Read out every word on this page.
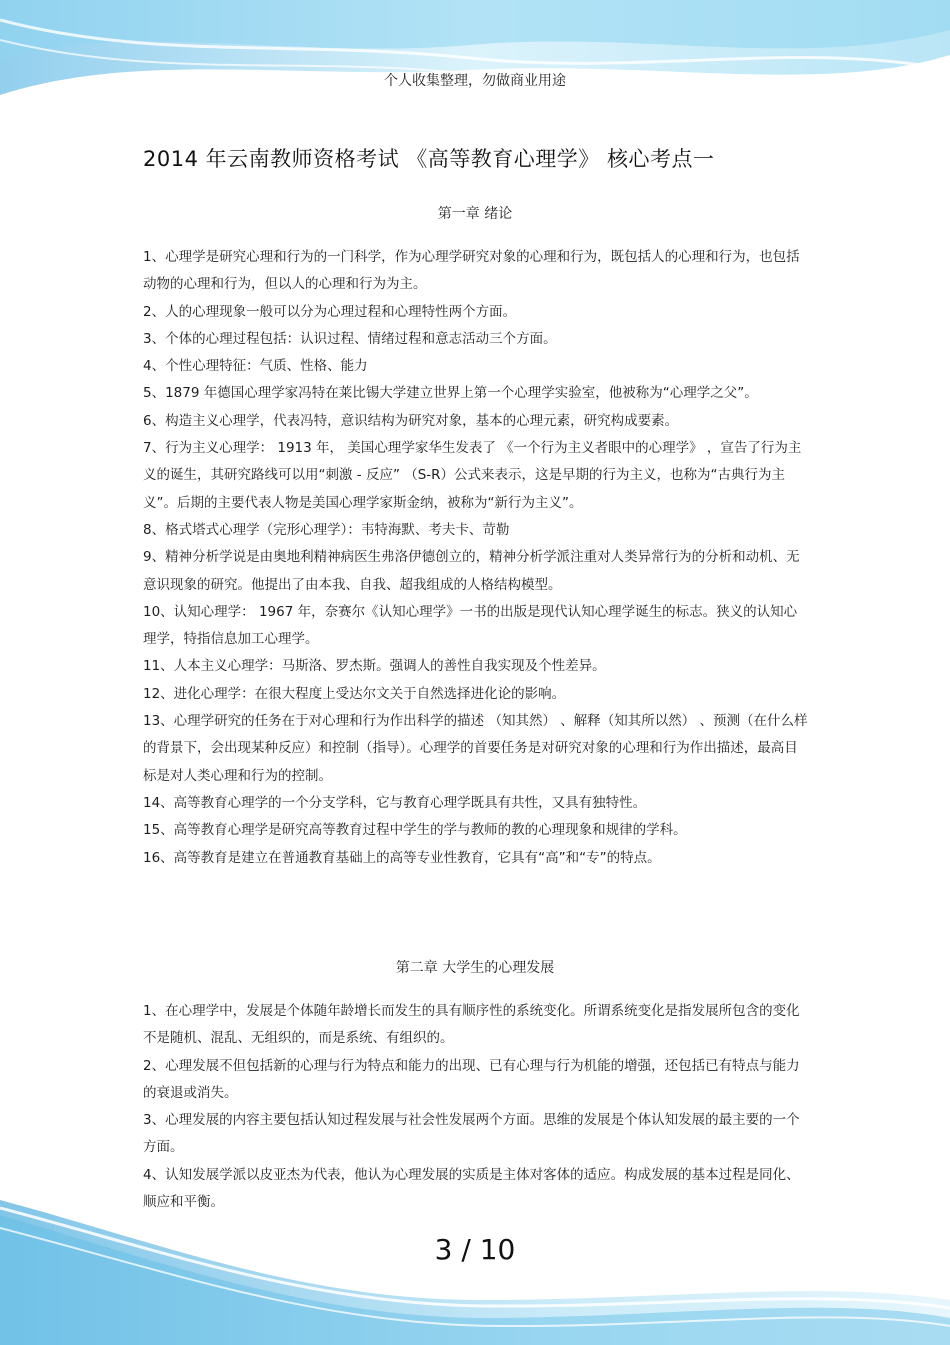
个人收集整理，勿做商业用途
2014 年云南教师资格考试 《高等教育心理学》 核心考点一
第一章 绪论

1、心理学是研究心理和行为的一门科学，作为心理学研究对象的心理和行为，既包括人的心理和行为，也包括动物的心理和行为，但以人的心理和行为为主。

2、人的心理现象一般可以分为心理过程和心理特性两个方面。

3、个体的心理过程包括：认识过程、情绪过程和意志活动三个方面。

4、个性心理特征：气质、性格、能力

5、1879 年德国心理学家冯特在莱比锡大学建立世界上第一个心理学实验室，他被称为“心理学之父”。

6、构造主义心理学，代表冯特，意识结构为研究对象，基本的心理元素，研究构成要素。

7、行为主义心理学： 1913 年， 美国心理学家华生发表了 《一个行为主义者眼中的心理学》 ，宣告了行为主义的诞生，其研究路线可以用“刺激 - 反应” （S-R）公式来表示，这是早期的行为主义，也称为“古典行为主义”。后期的主要代表人物是美国心理学家斯金纳，被称为“新行为主义”。

8、格式塔式心理学（完形心理学）：韦特海默、考夫卡、苛勒

9、精神分析学说是由奥地利精神病医生弗洛伊德创立的，精神分析学派注重对人类异常行为的分析和动机、无意识现象的研究。他提出了由本我、自我、超我组成的人格结构模型。

10、认知心理学： 1967 年，奈赛尔《认知心理学》一书的出版是现代认知心理学诞生的标志。狭义的认知心理学，特指信息加工心理学。

11、人本主义心理学：马斯洛、罗杰斯。强调人的善性自我实现及个性差异。

12、进化心理学：在很大程度上受达尔文关于自然选择进化论的影响。

13、心理学研究的任务在于对心理和行为作出科学的描述 （知其然） 、解释（知其所以然） 、预测（在什么样的背景下，会出现某种反应）和控制（指导）。心理学的首要任务是对研究对象的心理和行为作出描述，最高目标是对人类心理和行为的控制。

14、高等教育心理学的一个分支学科，它与教育心理学既具有共性，又具有独特性。

15、高等教育心理学是研究高等教育过程中学生的学与教师的教的心理现象和规律的学科。

16、高等教育是建立在普通教育基础上的高等专业性教育，它具有“高”和“专”的特点。

第二章 大学生的心理发展

1、在心理学中，发展是个体随年龄增长而发生的具有顺序性的系统变化。所谓系统变化是指发展所包含的变化不是随机、混乱、无组织的，而是系统、有组织的。

2、心理发展不但包括新的心理与行为特点和能力的出现、已有心理与行为机能的增强，还包括已有特点与能力的衰退或消失。

3、心理发展的内容主要包括认知过程发展与社会性发展两个方面。思维的发展是个体认知发展的最主要的一个方面。

4、认知发展学派以皮亚杰为代表，他认为心理发展的实质是主体对客体的适应。构成发展的基本过程是同化、顺应和平衡。

3 / 10
